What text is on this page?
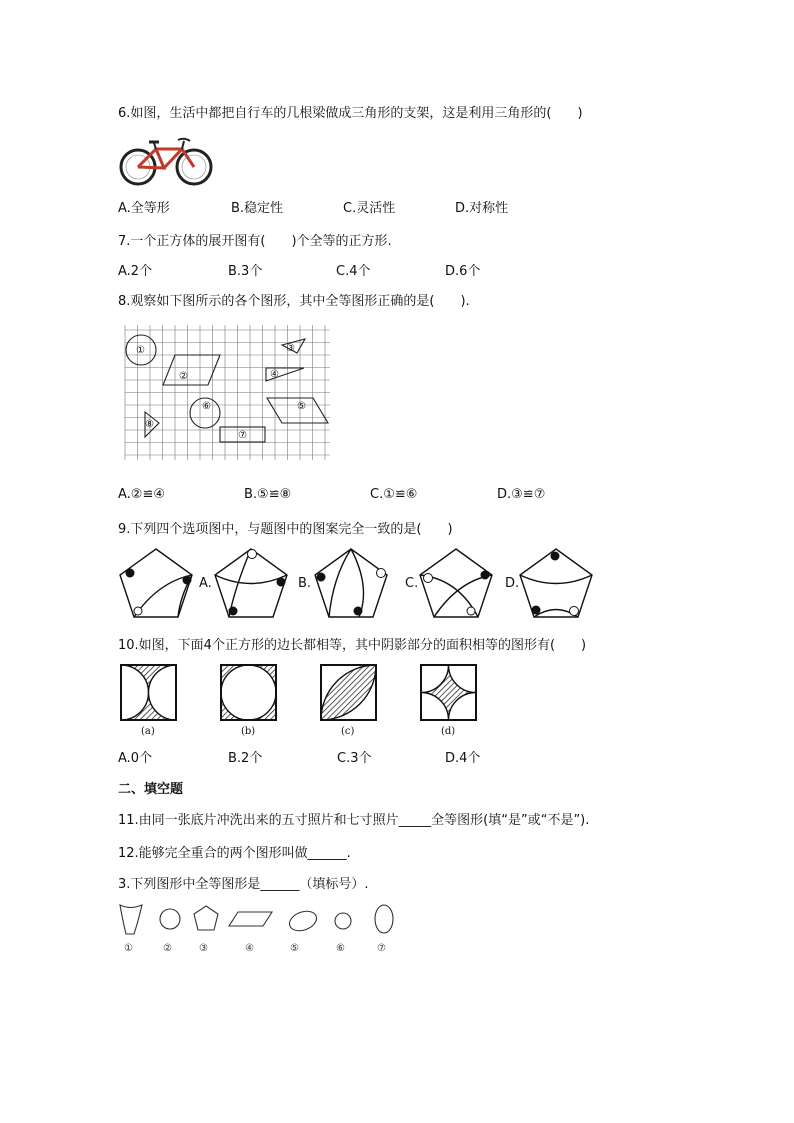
6.如图，生活中都把自行车的几根梁做成三角形的支架，这是利用三角形的(　　)
A.全等形	B.稳定性	C.灵活性	D.对称性
7.一个正方体的展开图有(　　)个全等的正方形.
A.2个	B.3个	C.4个	D.6个
8.观察如下图所示的各个图形，其中全等图形正确的是(　　).
①
②
③
④
⑤
⑥
⑦
⑧
A.②≌④	B.⑤≌⑧	C.①≌⑥	D.③≌⑦
9.下列四个选项图中，与题图中的图案完全一致的是(　　)
A.	B.	C.	D.
10.如图，下面4个正方形的边长都相等，其中阴影部分的面积相等的图形有(　　)
(a)	(b)	(c)	(d)
A.0个	B.2个	C.3个	D.4个
二、填空题
11.由同一张底片冲洗出来的五寸照片和七寸照片_____全等图形(填“是”或“不是”).
12.能够完全重合的两个图形叫做______.
3.下列图形中全等图形是______（填标号）.
①	②	③	④	⑤	⑥	⑦
